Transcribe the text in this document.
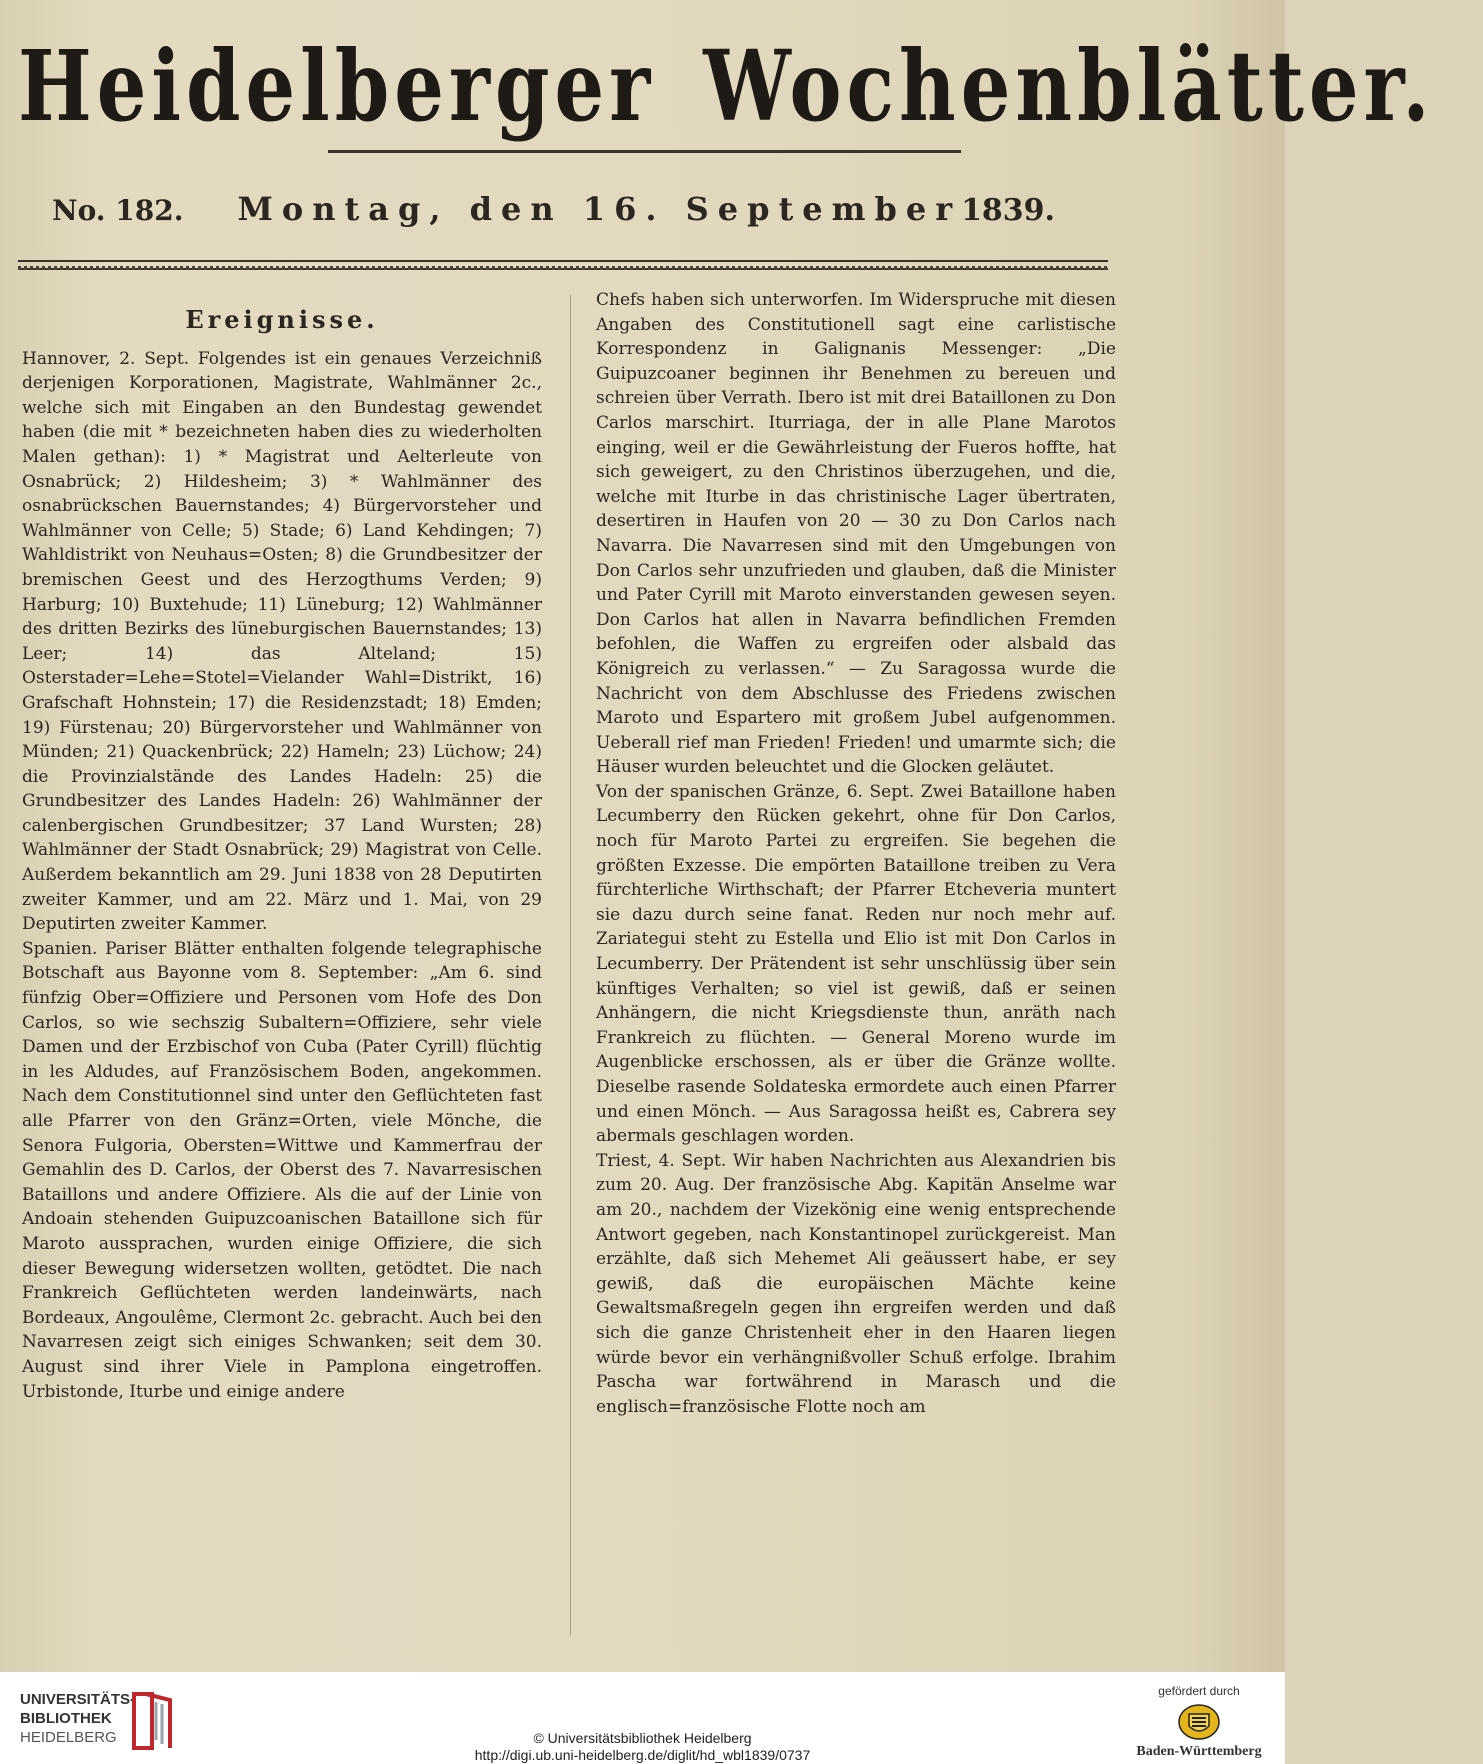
Heidelberger Wochenblätter.
No. 182. Montag, den 16. September 1839.
Ereignisse.

Hannover, 2. Sept. Folgendes ist ein genaues Verzeichniß derjenigen Korporationen, Magistrate, Wahlmänner 2c., welche sich mit Eingaben an den Bundestag gewendet haben (die mit * bezeichneten haben dies zu wiederholten Malen gethan): 1) * Magistrat und Aelterleute von Osnabrück; 2) Hildesheim; 3) * Wahlmänner des osnabrückschen Bauernstandes; 4) Bürgervorsteher und Wahlmänner von Celle; 5) Stade; 6) Land Kehdingen; 7) Wahldistrikt von Neuhaus=Osten; 8) die Grundbesitzer der bremischen Geest und des Herzogthums Verden; 9) Harburg; 10) Buxtehude; 11) Lüneburg; 12) Wahlmänner des dritten Bezirks des lüneburgischen Bauernstandes; 13) Leer; 14) das Alteland; 15) Osterstader=Lehe=Stotel=Vielander Wahl=Distrikt, 16) Grafschaft Hohnstein; 17) die Residenzstadt; 18) Emden; 19) Fürstenau; 20) Bürgervorsteher und Wahlmänner von Münden; 21) Quackenbrück; 22) Hameln; 23) Lüchow; 24) die Provinzialstände des Landes Hadeln: 25) die Grundbesitzer des Landes Hadeln: 26) Wahlmänner der calenbergischen Grundbesitzer; 37 Land Wursten; 28) Wahlmänner der Stadt Osnabrück; 29) Magistrat von Celle. Außerdem bekanntlich am 29. Juni 1838 von 28 Deputirten zweiter Kammer, und am 22. März und 1. Mai, von 29 Deputirten zweiter Kammer.

Spanien. Pariser Blätter enthalten folgende telegraphische Botschaft aus Bayonne vom 8. September: „Am 6. sind fünfzig Ober=Offiziere und Personen vom Hofe des Don Carlos, so wie sechszig Subaltern=Offiziere, sehr viele Damen und der Erzbischof von Cuba (Pater Cyrill) flüchtig in les Aldudes, auf Französischem Boden, angekommen. Nach dem Constitutionnel sind unter den Geflüchteten fast alle Pfarrer von den Gränz=Orten, viele Mönche, die Senora Fulgoria, Obersten=Wittwe und Kammerfrau der Gemahlin des D. Carlos, der Oberst des 7. Navarresischen Bataillons und andere Offiziere. Als die auf der Linie von Andoain stehenden Guipuzcoanischen Bataillone sich für Maroto aussprachen, wurden einige Offiziere, die sich dieser Bewegung widersetzen wollten, getödtet. Die nach Frankreich Geflüchteten werden landeinwärts, nach Bordeaux, Angoulême, Clermont 2c. gebracht. Auch bei den Navarresen zeigt sich einiges Schwanken; seit dem 30. August sind ihrer Viele in Pamplona eingetroffen. Urbistonde, Iturbe und einige andere

Chefs haben sich unterworfen. Im Widerspruche mit diesen Angaben des Constitutionell sagt eine carlistische Korrespondenz in Galignanis Messenger: „Die Guipuzcoaner beginnen ihr Benehmen zu bereuen und schreien über Verrath. Ibero ist mit drei Bataillonen zu Don Carlos marschirt. Iturriaga, der in alle Plane Marotos einging, weil er die Gewährleistung der Fueros hoffte, hat sich geweigert, zu den Christinos überzugehen, und die, welche mit Iturbe in das christinische Lager übertraten, desertiren in Haufen von 20 — 30 zu Don Carlos nach Navarra. Die Navarresen sind mit den Umgebungen von Don Carlos sehr unzufrieden und glauben, daß die Minister und Pater Cyrill mit Maroto einverstanden gewesen seyen. Don Carlos hat allen in Navarra befindlichen Fremden befohlen, die Waffen zu ergreifen oder alsbald das Königreich zu verlassen.“ — Zu Saragossa wurde die Nachricht von dem Abschlusse des Friedens zwischen Maroto und Espartero mit großem Jubel aufgenommen. Ueberall rief man Frieden! Frieden! und umarmte sich; die Häuser wurden beleuchtet und die Glocken geläutet.

Von der spanischen Gränze, 6. Sept. Zwei Bataillone haben Lecumberry den Rücken gekehrt, ohne für Don Carlos, noch für Maroto Partei zu ergreifen. Sie begehen die größten Exzesse. Die empörten Bataillone treiben zu Vera fürchterliche Wirthschaft; der Pfarrer Etcheveria muntert sie dazu durch seine fanat. Reden nur noch mehr auf. Zariategui steht zu Estella und Elio ist mit Don Carlos in Lecumberry. Der Prätendent ist sehr unschlüssig über sein künftiges Verhalten; so viel ist gewiß, daß er seinen Anhängern, die nicht Kriegsdienste thun, anräth nach Frankreich zu flüchten. — General Moreno wurde im Augenblicke erschossen, als er über die Gränze wollte. Dieselbe rasende Soldateska ermordete auch einen Pfarrer und einen Mönch. — Aus Saragossa heißt es, Cabrera sey abermals geschlagen worden.

Triest, 4. Sept. Wir haben Nachrichten aus Alexandrien bis zum 20. Aug. Der französische Abg. Kapitän Anselme war am 20., nachdem der Vizekönig eine wenig entsprechende Antwort gegeben, nach Konstantinopel zurückgereist. Man erzählte, daß sich Mehemet Ali geäussert habe, er sey gewiß, daß die europäischen Mächte keine Gewaltsmaßregeln gegen ihn ergreifen werden und daß sich die ganze Christenheit eher in den Haaren liegen würde bevor ein verhängnißvoller Schuß erfolge. Ibrahim Pascha war fortwährend in Marasch und die englisch=französische Flotte noch am

UNIVERSITÄTS-
BIBLIOTHEK
HEIDELBERG	© Universitätsbibliothek Heidelberg
http://digi.ub.uni-heidelberg.de/diglit/hd_wbl1839/0737
gefördert durch
Baden-Württemberg
